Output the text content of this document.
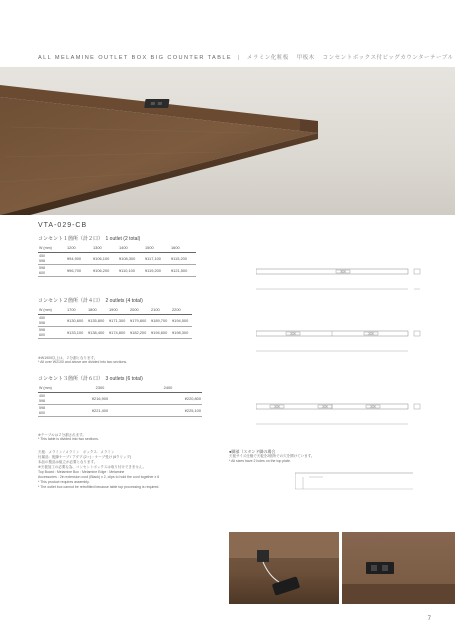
ALL MELAMINE OUTLET BOX BIG COUNTER TABLE | メラミン化粧板 　甲板木 　コンセントボックス付ビッグカウンターテーブル
VTA-029-CB
コンセント１箇所（計２口）　1 outlet (2 total)
W (mm)	1200	1300	1400	1500	1600

450
598	¥94,900	¥106,100	¥108,300	¥117,100	¥115,200

598
600	¥96,700	¥106,200	¥110,100	¥119,200	¥121,500
コンセント２箇所（計４口）　2 outlets (4 total)
W (mm)	1700	1800	1900	2000	2100	2200

450
598	¥130,600	¥135,800	¥171,300	¥179,800	¥189,700	¥194,500

598
600	¥133,100	¥138,400	¥174,800	¥182,200	¥194,600	¥198,300
※W1900以上は、２分割となります。
* All over W2100 and above are divided into two sections.
コンセント３箇所（計６口）　3 outlets (6 total)
W (mm)	2300	2400

450
598	¥216,900	¥220,800

598
600	¥221,400	¥225,100
※テーブルは２分割されます。
* This table is divided into two sections.
3000
2000	2000
2000	2000	2000
天板：メラミン / メラミン　ボックス：メラミン
付属品：配線ケーブ / アダプ (2ヶ)・ケーブ受け (6クリップ)
本品の製品は組立が必要となります。
※天板加工の必要な為、コンセントボックスは取り付けできません。
Top Board : Melamine Box : Melamine Edge : Melamine
Accessories : 2in extension cord (Black) x 2, clips to hold the cord together x 6
* This product requires assembly.
* The outlet box cannot be retrofitted because table top processing is required.
●脚部（スタンド脚の場合
天板サイズ仕様で天板を2個所での穴を開けています。
* All sizes have 2 holes on the top plate.
7
